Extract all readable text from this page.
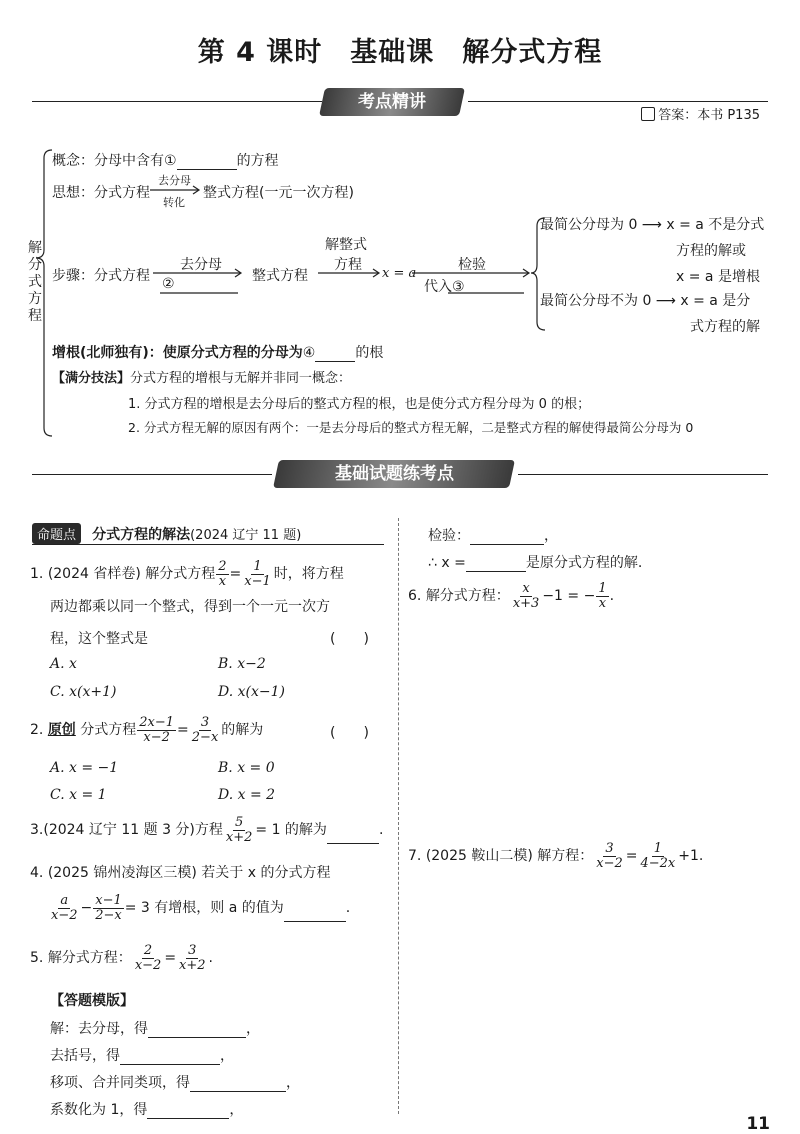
第 4 课时　基础课　解分式方程
考点精讲
答案：本书 P135
解
分
式
方
程
概念：分母中含有①	的方程
思想：分式方程
去分母
转化
整式方程(一元一次方程)
步骤：分式方程
去分母
②	整式方程
解整式
方程
x = a
检验
代入③
最简公分母为 0 ⟶ x = a 不是分式
方程的解或
x = a 是增根
最简公分母不为 0 ⟶ x = a 是分
式方程的解
增根(北师独有)：使原分式方程的分母为④	的根
【满分技法】分式方程的增根与无解并非同一概念：
1. 分式方程的增根是去分母后的整式方程的根，也是使分式方程分母为 0 的根；
2. 分式方程无解的原因有两个：一是去分母后的整式方程无解，二是整式方程的解使得最简公分母为 0
基础试题练考点
命题点 分式方程的解法(2024 辽宁 11 题)
1. (2024 省样卷) 解分式方程 $\frac{2}{x} = \frac{1}{x-1}$ 时，将方程
两边都乘以同一个整式，得到一个一元一次方
程，这个整式是	(　　)
A. x	B. x−2
C. x(x+1)	D. x(x−1)
2. 原创 分式方程 $\frac{2x-1}{x-2} = \frac{3}{2-x}$ 的解为	(　　)
A. x = −1	B. x = 0
C. x = 1	D. x = 2
3.(2024 辽宁 11 题 3 分)方程 $\frac{5}{x+2} = 1$ 的解为	.
4. (2025 锦州凌海区三模) 若关于 x 的分式方程
$\frac{a}{x-2} - \frac{x-1}{2-x} = 3$ 有增根，则 a 的值为	.
5. 解分式方程： $\frac{2}{x-2} = \frac{3}{x+2}$ .
【答题模版】
解：去分母，得	，
去括号，得	，
移项、合并同类项，得	，
系数化为 1，得	，
检验：	，
∴ x =	是原分式方程的解.
6. 解分式方程： $\frac{x}{x+3} -1$ = − $\frac{1}{x}$ .
7. (2025 鞍山二模) 解方程： $\frac{3}{x-2} = \frac{1}{4-2x} +1$.
11
